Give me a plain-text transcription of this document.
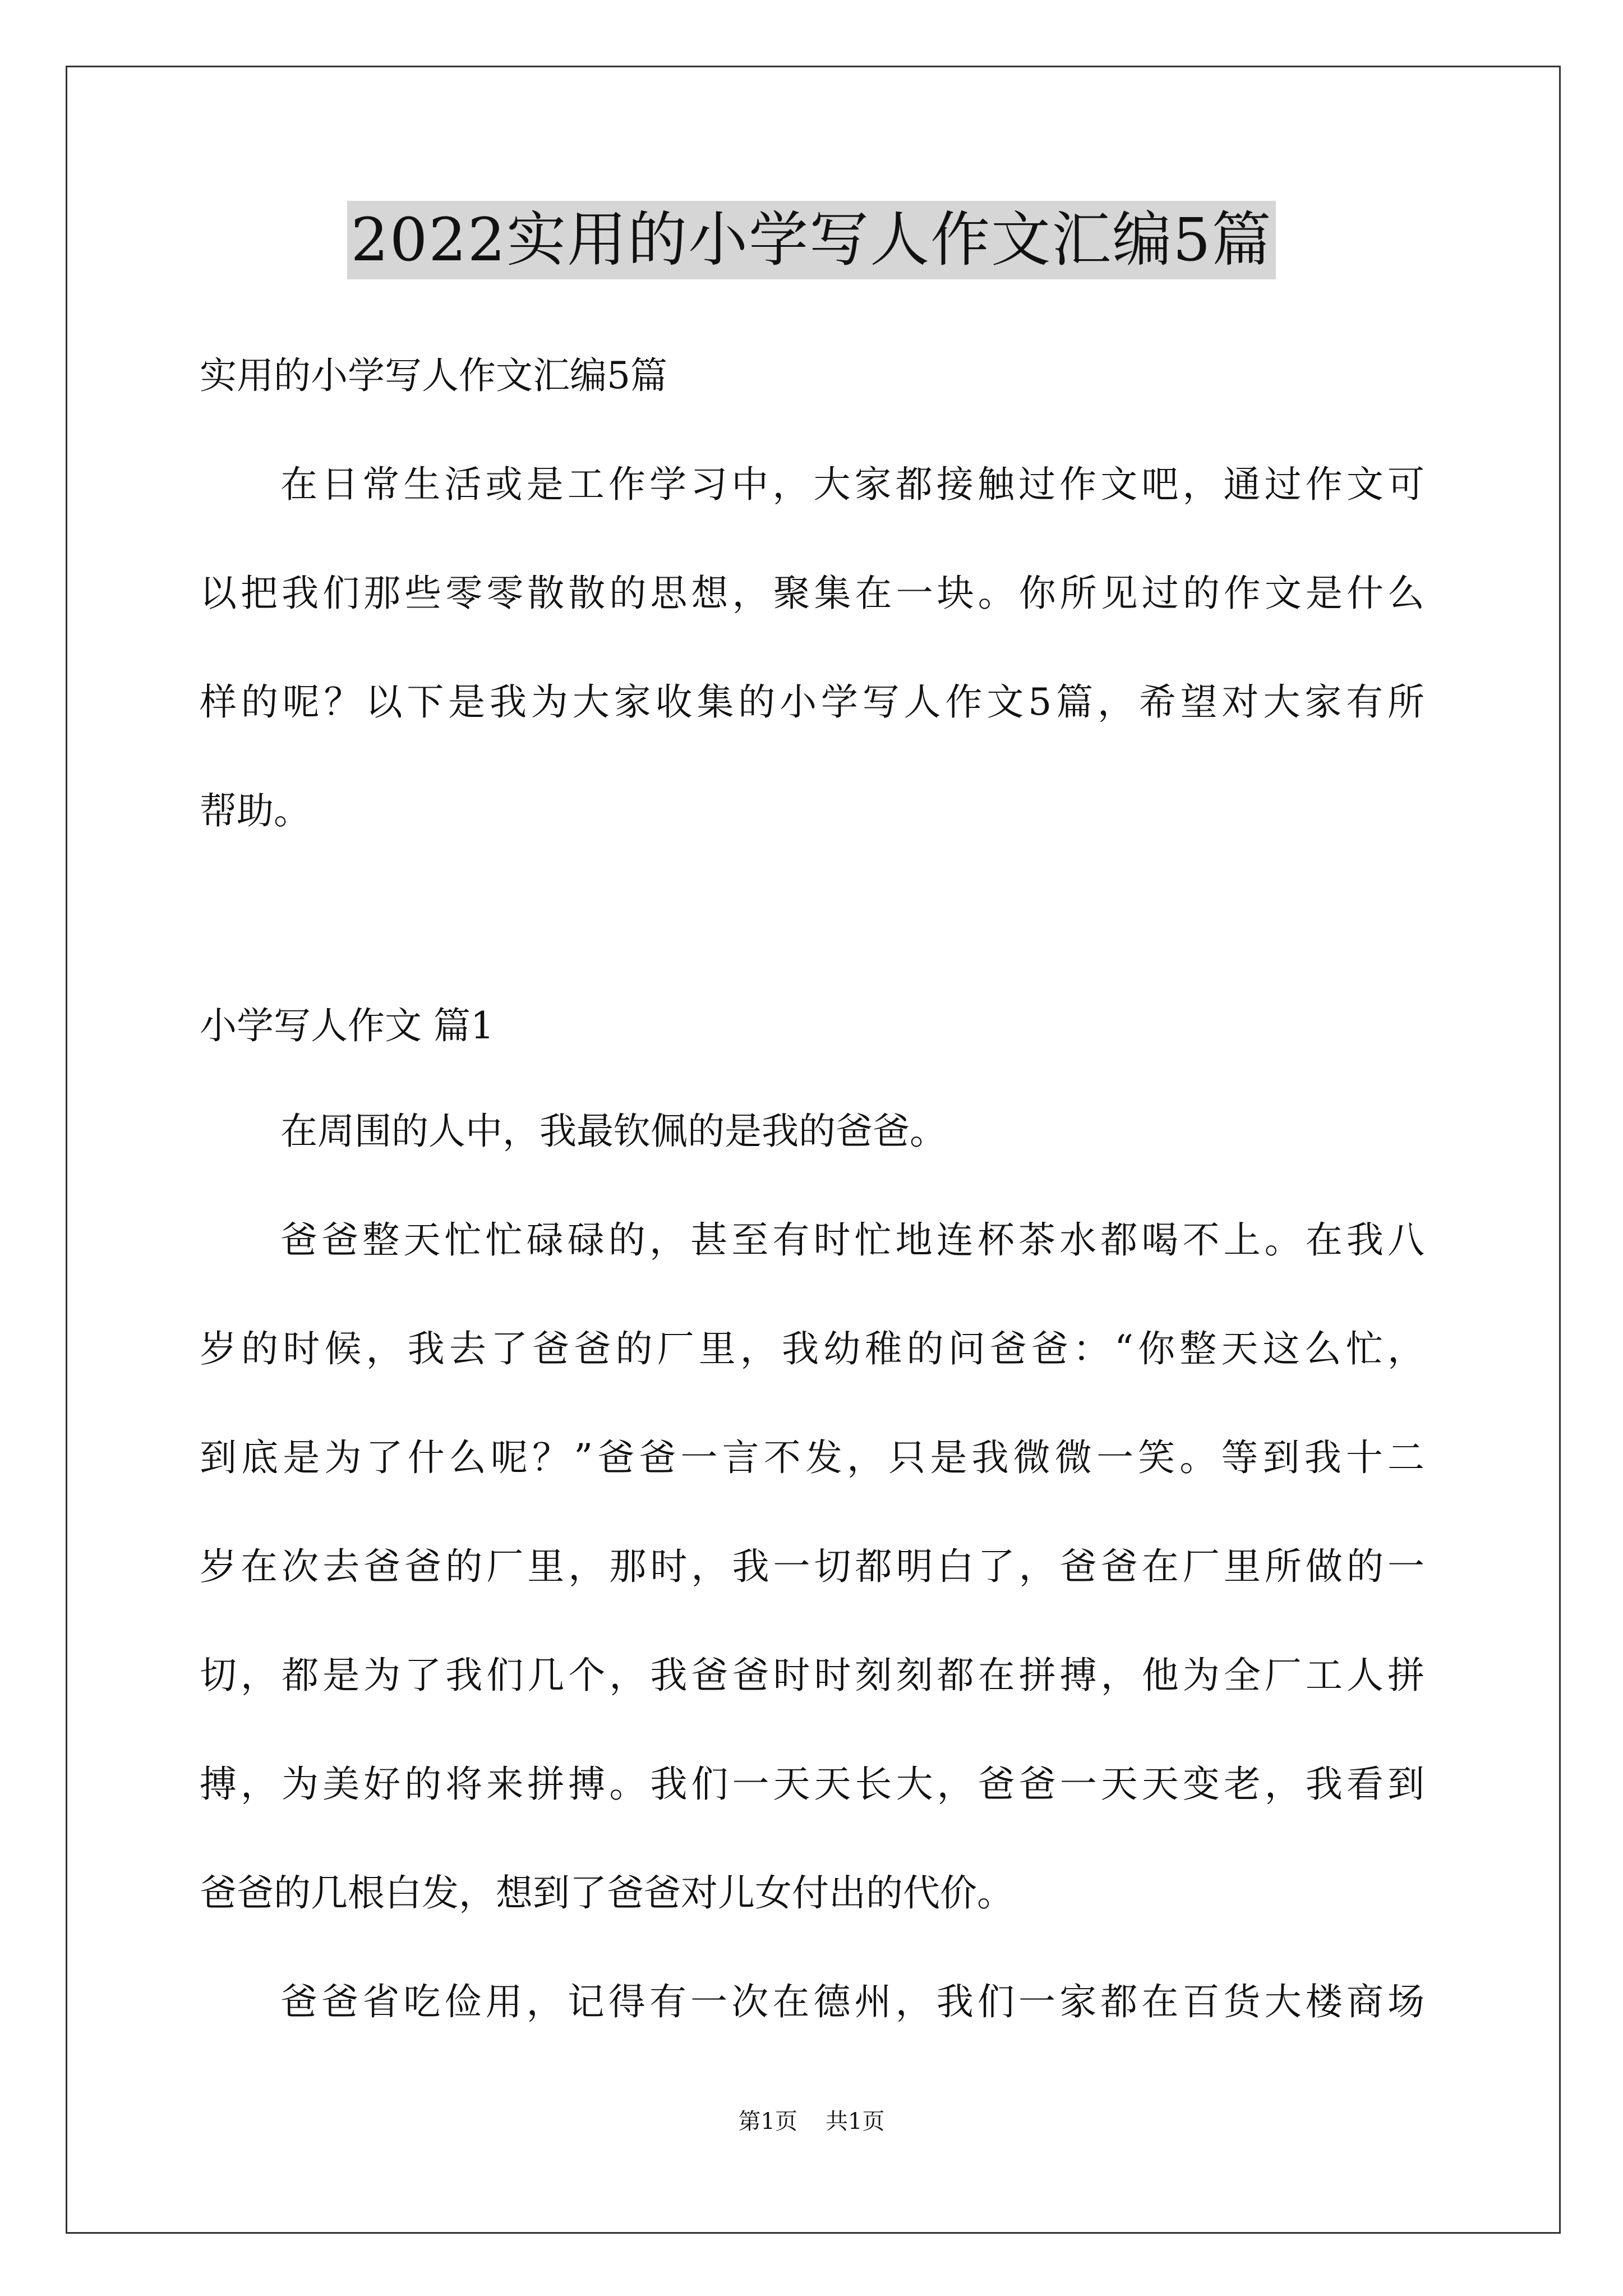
2022实用的小学写人作文汇编5篇
实用的小学写人作文汇编5篇
在日常生活或是工作学习中，大家都接触过作文吧，通过作文可
以把我们那些零零散散的思想，聚集在一块。你所见过的作文是什么
样的呢？以下是我为大家收集的小学写人作文5篇，希望对大家有所
帮助。
小学写人作文 篇1
在周围的人中，我最钦佩的是我的爸爸。
爸爸整天忙忙碌碌的，甚至有时忙地连杯茶水都喝不上。在我八
岁的时候，我去了爸爸的厂里，我幼稚的问爸爸：“你整天这么忙，
到底是为了什么呢？”爸爸一言不发，只是我微微一笑。等到我十二
岁在次去爸爸的厂里，那时，我一切都明白了，爸爸在厂里所做的一
切，都是为了我们几个，我爸爸时时刻刻都在拼搏，他为全厂工人拼
搏，为美好的将来拼搏。我们一天天长大，爸爸一天天变老，我看到
爸爸的几根白发，想到了爸爸对儿女付出的代价。
爸爸省吃俭用，记得有一次在德州，我们一家都在百货大楼商场
第1页 共1页
